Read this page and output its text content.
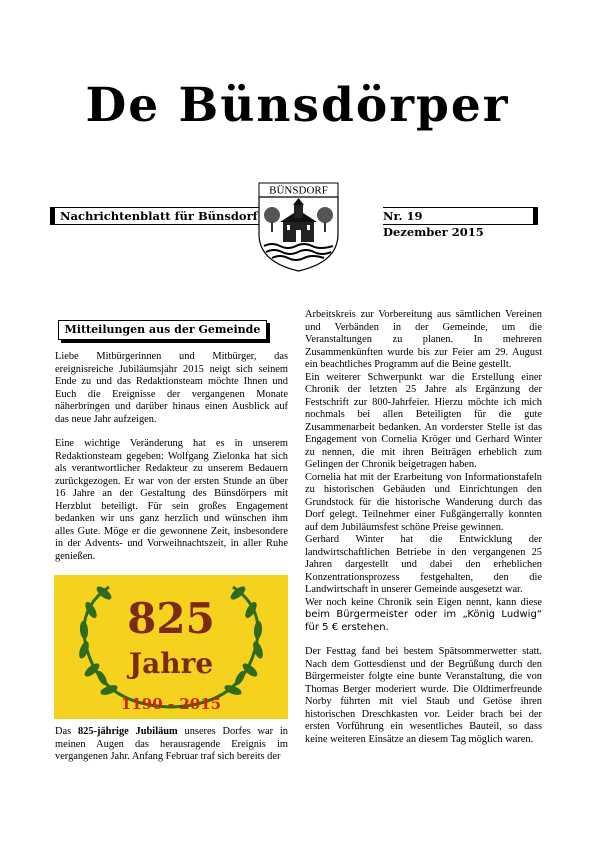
De Bünsdörper
Nachrichtenblatt für Bünsdorf
BÜNSDORF
Nr. 19Dezember 2015
Mitteilungen aus der Gemeinde

Liebe Mitbürgerinnen und Mitbürger, das ereignisreiche Jubiläumsjahr 2015 neigt sich seinem Ende zu und das Redaktionsteam möchte Ihnen und Euch die Ereignisse der vergangenen Monate näherbringen und darüber hinaus einen Ausblick auf das neue Jahr aufzeigen.

Eine wichtige Veränderung hat es in unserem Redaktionsteam gegeben: Wolfgang Zielonka hat sich als verantwortlicher Redakteur zu unserem Bedauern zurückgezogen. Er war von der ersten Stunde an über 16 Jahre an der Gestaltung des Bünsdörpers mit Herzblut beteiligt. Für sein großes Engagement bedanken wir uns ganz herzlich und wünschen ihm alles Gute. Möge er die gewonnene Zeit, insbesondere in der Advents- und Vorweihnachtszeit, in aller Ruhe genießen.

825
Jahre
1190 - 2015
Das 825-jährige Jubiläum unseres Dorfes war in meinen Augen das herausragende Ereignis im vergangenen Jahr. Anfang Februar traf sich bereits der

Arbeitskreis zur Vorbereitung aus sämtlichen Vereinen und Verbänden in der Gemeinde, um die Veranstaltungen zu planen. In mehreren Zusammenkünften wurde bis zur Feier am 29. August ein beachtliches Programm auf die Beine gestellt.

Ein weiterer Schwerpunkt war die Erstellung einer Chronik der letzten 25 Jahre als Ergänzung der Festschrift zur 800-Jahrfeier. Hierzu möchte ich mich nochmals bei allen Beteiligten für die gute Zusammenarbeit bedanken. An vorderster Stelle ist das Engagement von Cornelia Kröger und Gerhard Winter zu nennen, die mit ihren Beiträgen erheblich zum Gelingen der Chronik beigetragen haben.

Cornelia hat mit der Erarbeitung von Informationstafeln zu historischen Gebäuden und Einrichtungen den Grundstock für die historische Wanderung durch das Dorf gelegt. Teilnehmer einer Fußgängerrally konnten auf dem Jubiläumsfest schöne Preise gewinnen.

Gerhard Winter hat die Entwicklung der landwirtschaftlichen Betriebe in den vergangenen 25 Jahren dargestellt und dabei den erheblichen Konzentrationsprozess festgehalten, den die Landwirtschaft in unserer Gemeinde ausgesetzt war.

Wer noch keine Chronik sein Eigen nennt, kann diese beim Bürgermeister oder im „König Ludwig“ für 5 € erstehen.

Der Festtag fand bei bestem Spätsommerwetter statt. Nach dem Gottesdienst und der Begrüßung durch den Bürgermeister folgte eine bunte Veranstaltung, die von Thomas Berger moderiert wurde. Die Oldtimerfreunde Norby führten mit viel Staub und Getöse ihren historischen Dreschkasten vor. Leider brach bei der ersten Vorführung ein wesentliches Bauteil, so dass keine weiteren Einsätze an diesem Tag möglich waren.
